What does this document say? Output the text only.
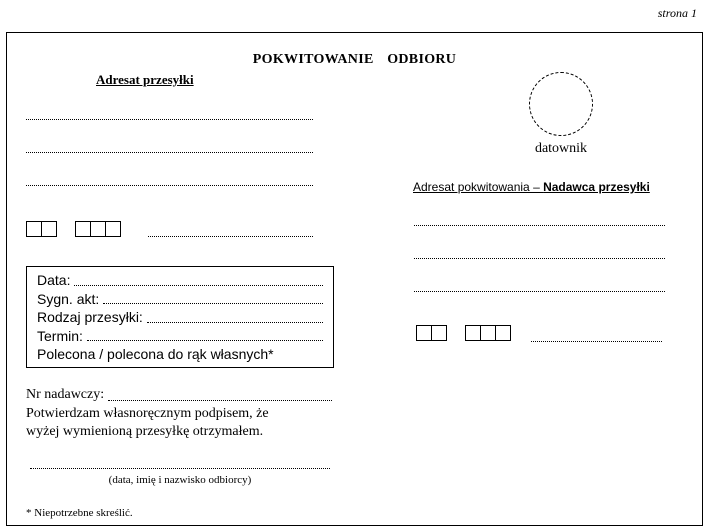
strona 1
POKWITOWANIE  ODBIORU
Adresat przesyłki
Data:
Sygn. akt:
Rodzaj przesyłki:
Termin:
Polecona / polecona do rąk własnych*
datownik
Adresat pokwitowania – Nadawca przesyłki
Nr nadawczy:
Potwierdzam własnoręcznym podpisem, że
wyżej wymienioną przesyłkę otrzymałem.
(data, imię i nazwisko odbiorcy)
* Niepotrzebne skreślić.
